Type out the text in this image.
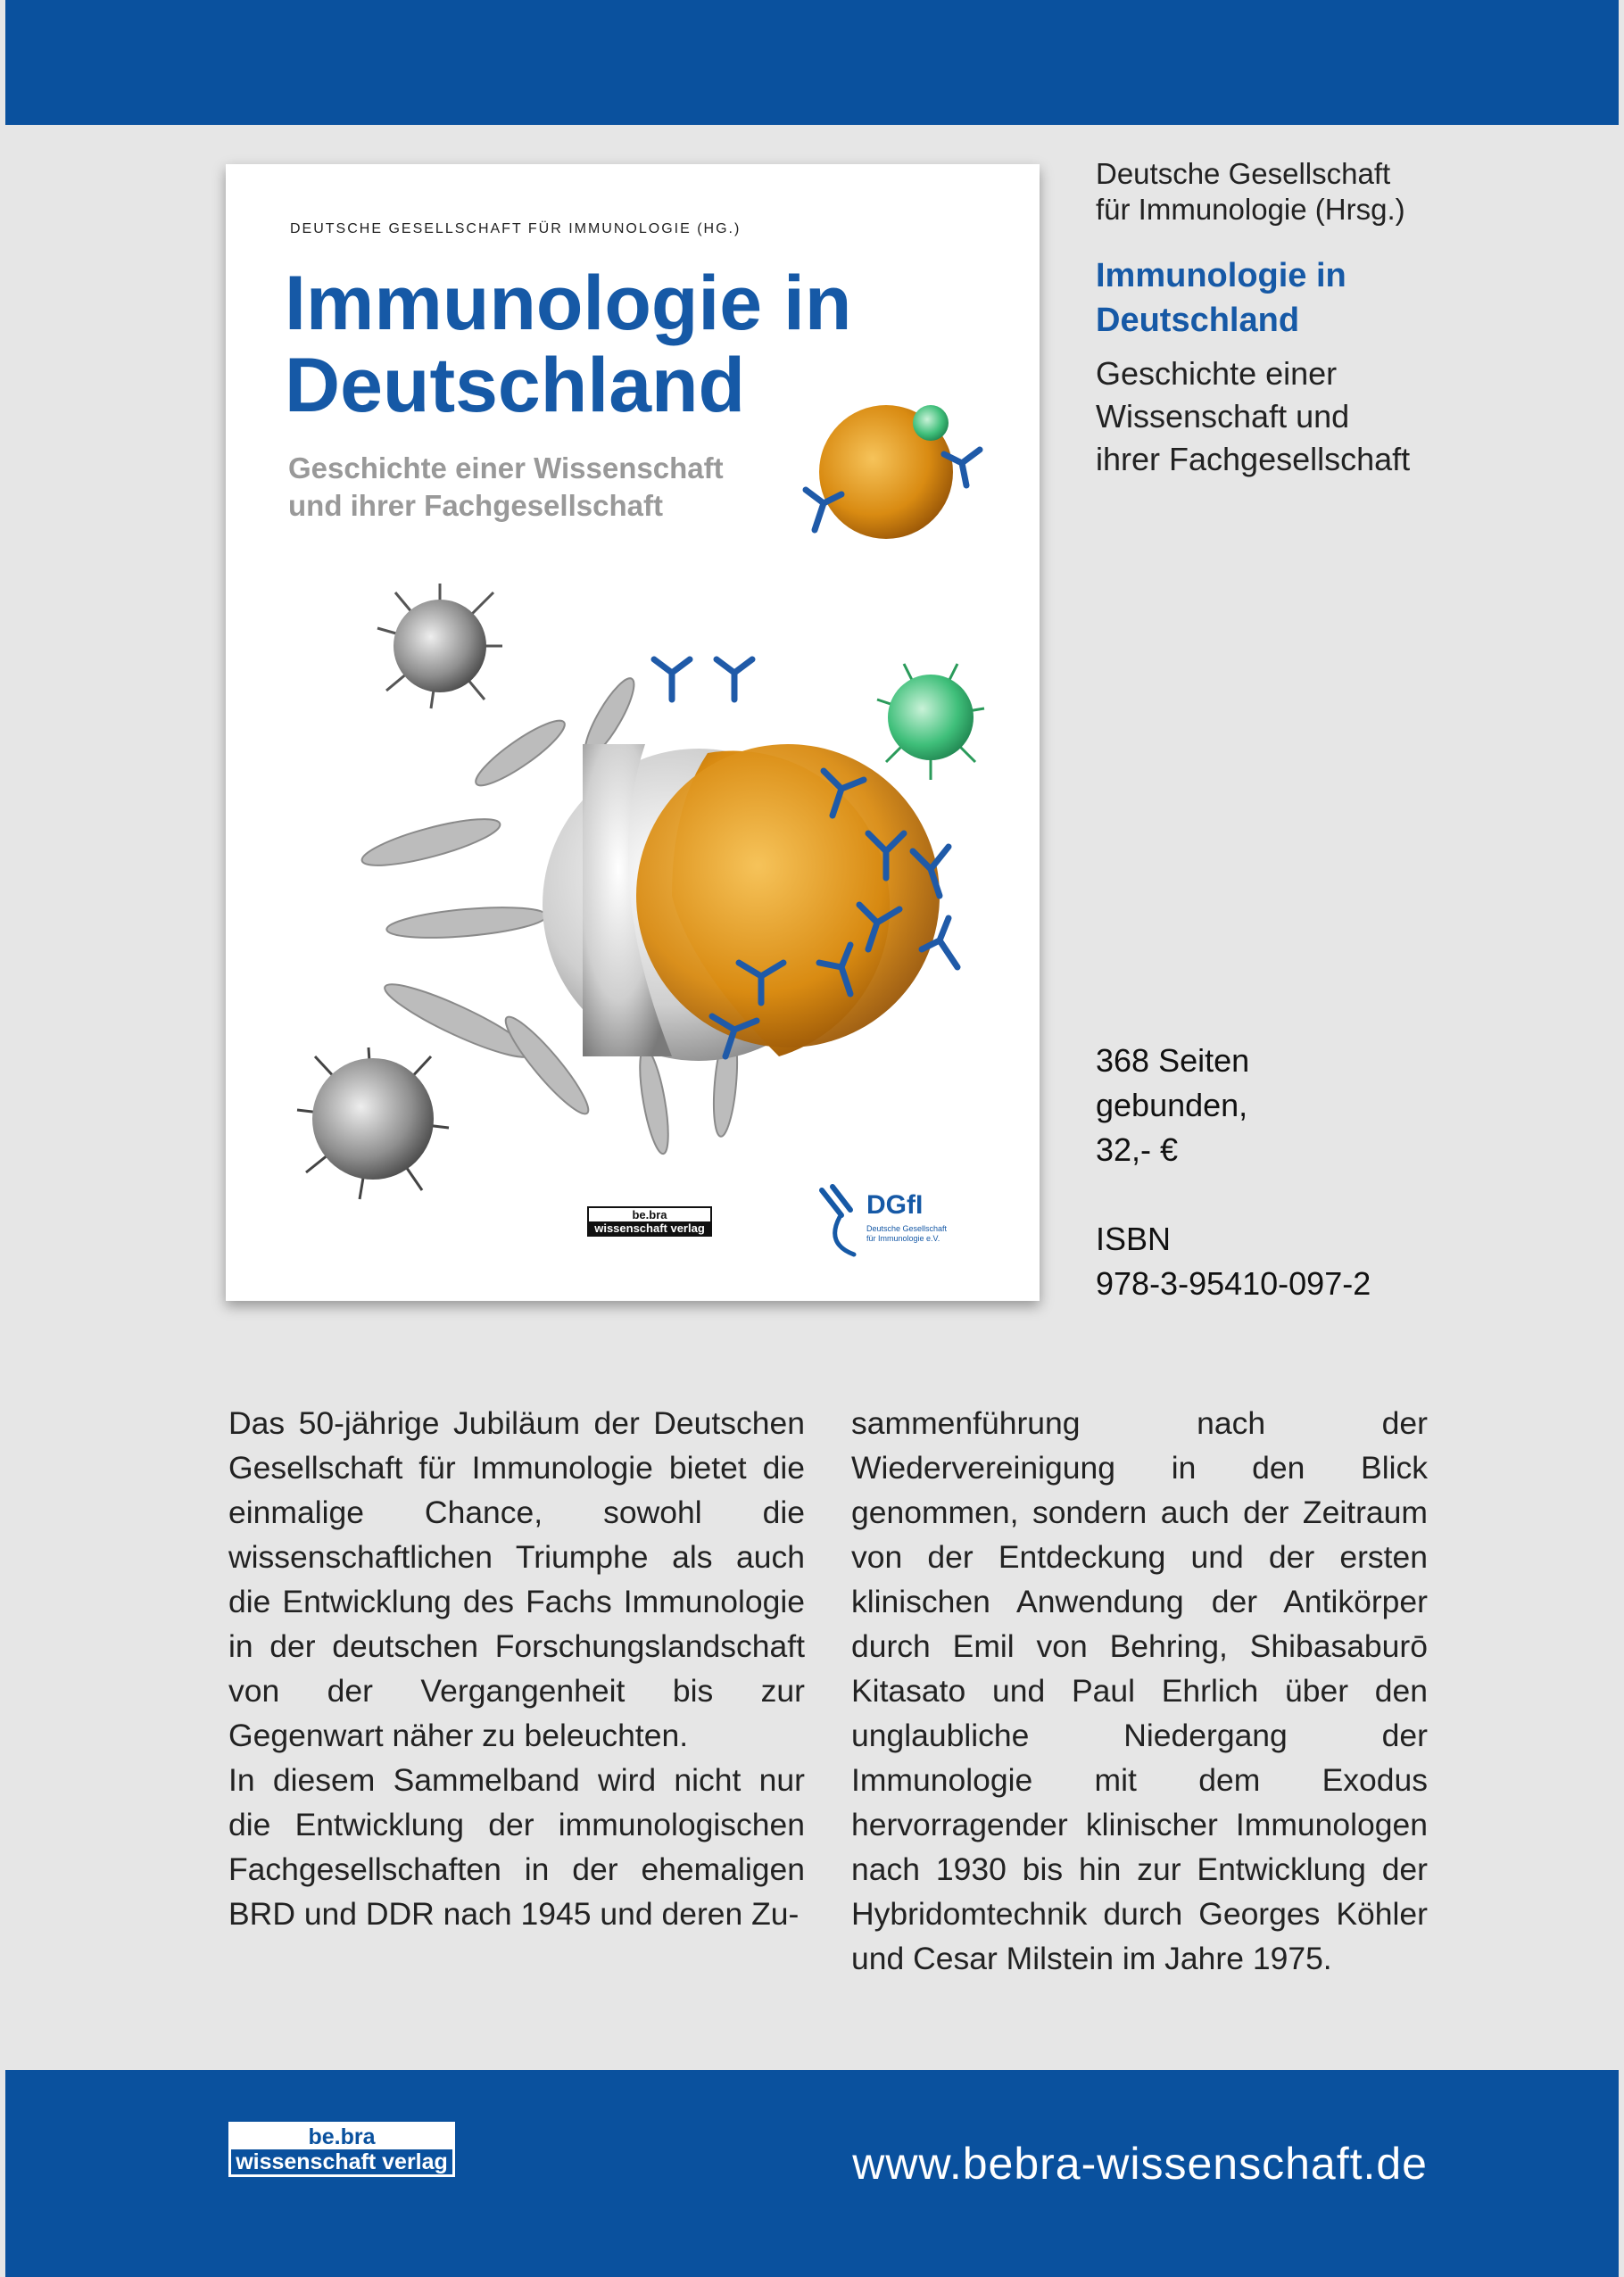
DEUTSCHE GESELLSCHAFT FÜR IMMUNOLOGIE (HG.)
Immunologie in
Deutschland
Geschichte einer Wissenschaft
und ihrer Fachgesellschaft
be.bra
wissenschaft verlag
DGfI
Deutsche Gesellschaft
für Immunologie e.V.
Deutsche Gesellschaft
für Immunologie (Hrsg.)
Immunologie in
Deutschland
Geschichte einer
Wissenschaft und
ihrer Fachgesellschaft
368 Seiten
gebunden,
32,- €
ISBN
978-3-95410-097-2

Das 50-jährige Jubiläum der Deutschen Gesellschaft für Immunologie bietet die einmalige Chance, sowohl die wissenschaftlichen Triumphe als auch die Entwicklung des Fachs Immunologie in der deutschen Forschungslandschaft von der Vergangenheit bis zur Gegenwart näher zu beleuchten.

In diesem Sammelband wird nicht nur die Entwicklung der immunologischen Fachgesellschaften in der ehemaligen BRD und DDR nach 1945 und deren Zu-

sammenführung nach der Wiedervereinigung in den Blick genommen, sondern auch der Zeitraum von der Entdeckung und der ersten klinischen Anwendung der Antikörper durch Emil von Behring, Shibasaburō Kitasato und Paul Ehrlich über den unglaubliche Niedergang der Immunologie mit dem Exodus hervorragender klinischer Immunologen nach 1930 bis hin zur Entwicklung der Hybridomtechnik durch Georges Köhler und Cesar Milstein im Jahre 1975.

be.bra
wissenschaft verlag	www.bebra-wissenschaft.de
